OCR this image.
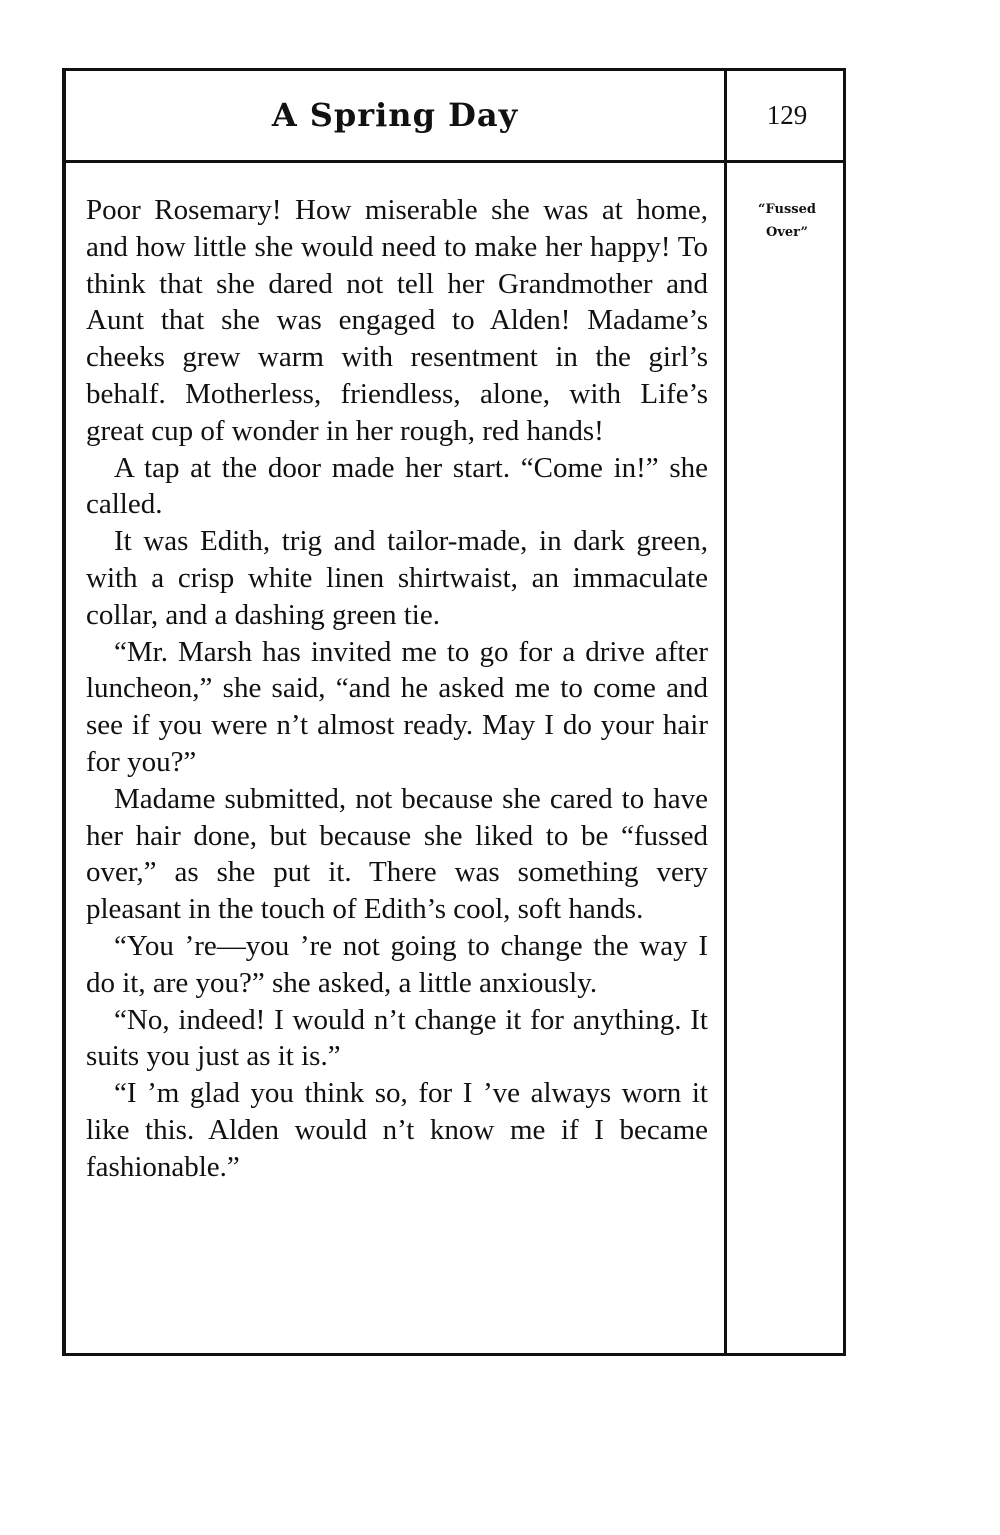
A Spring Day	129
“Fussed
Over”

Poor Rosemary! How miserable she was at home, and how little she would need to make her happy! To think that she dared not tell her Grandmother and Aunt that she was engaged to Alden! Madame’s cheeks grew warm with resentment in the girl’s behalf. Motherless, friendless, alone, with Life’s great cup of wonder in her rough, red hands!

A tap at the door made her start. “Come in!” she called.

It was Edith, trig and tailor-made, in dark green, with a crisp white linen shirtwaist, an immaculate collar, and a dashing green tie.

“Mr. Marsh has invited me to go for a drive after luncheon,” she said, “and he asked me to come and see if you were n’t almost ready. May I do your hair for you?”

Madame submitted, not because she cared to have her hair done, but because she liked to be “fussed over,” as she put it. There was something very pleasant in the touch of Edith’s cool, soft hands.

“You ’re—you ’re not going to change the way I do it, are you?” she asked, a little anxiously.

“No, indeed! I would n’t change it for anything. It suits you just as it is.”

“I ’m glad you think so, for I ’ve always worn it like this. Alden would n’t know me if I became fashionable.”
